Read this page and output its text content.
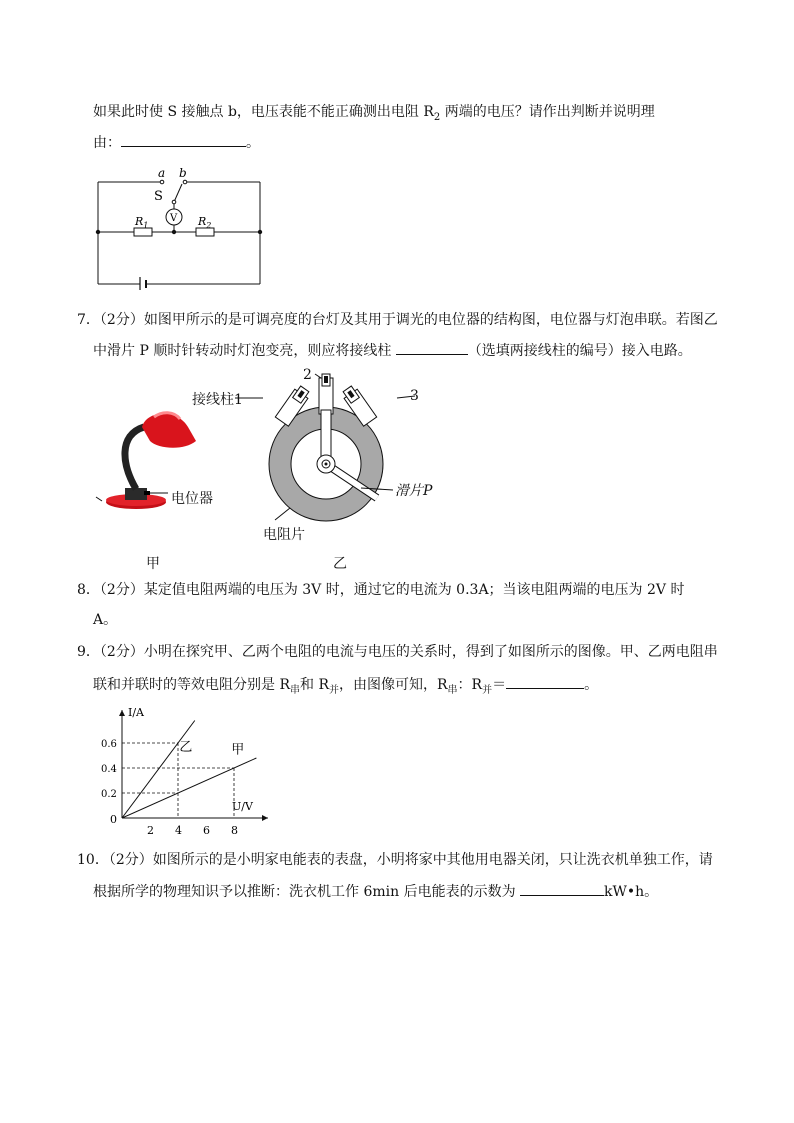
如果此时使 S 接触点 b，电压表能不能正确测出电阻 $R_2$ 两端的电压？请作出判断并说明理
由：	。
a b
S
V
$R_1$	$R_2$
7．（2分）如图甲所示的是可调亮度的台灯及其用于调光的电位器的结构图，电位器与灯泡串联。若图乙
中滑片 P 顺时针转动时灯泡变亮，则应将接线柱	（选填两接线柱的编号）接入电路。
电位器
甲
接线柱1
2
3
滑片P
电阻片
乙
8．（2分）某定值电阻两端的电压为 3V 时，通过它的电流为 0.3A；当该电阻两端的电压为 2V 时
A。
9．（2分）小明在探究甲、乙两个电阻的电流与电压的关系时，得到了如图所示的图像。甲、乙两电阻串
联和并联时的等效电阻分别是 $R_串$和 $R_并$，由图像可知，$R_串$：$R_并=$	。
I/A
U/V
0
2 4 6 8
0.2
0.4
0.6	乙	甲
10．（2分）如图所示的是小明家电能表的表盘，小明将家中其他用电器关闭，只让洗衣机单独工作，请
根据所学的物理知识予以推断：洗衣机工作 6min 后电能表的示数为	kW•h。
